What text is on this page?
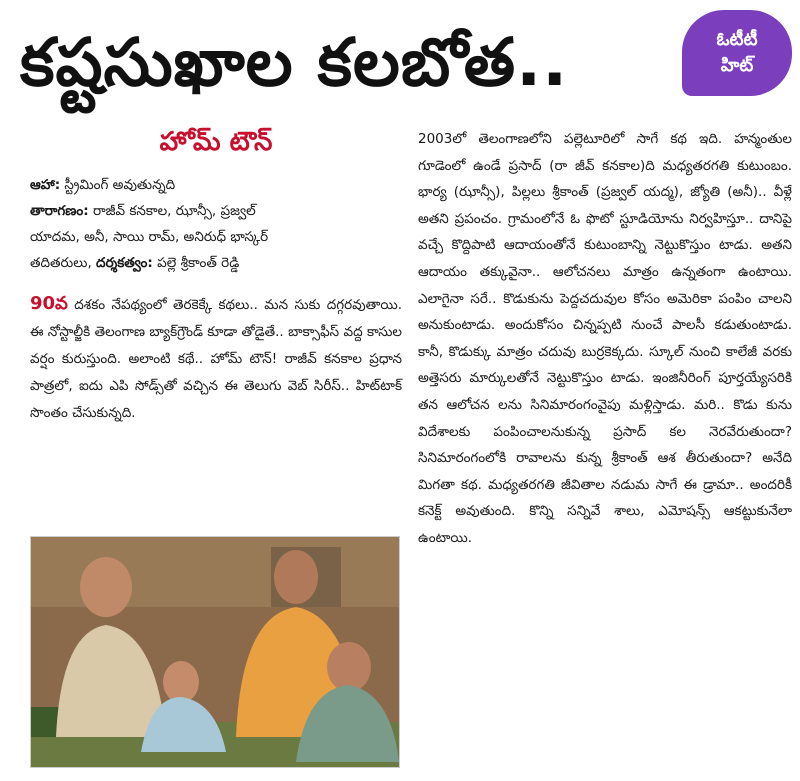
కష్టసుఖాల కలబోత..	ఓటీటీ
హిట్
హోమ్ టౌన్
ఆహా: స్ట్రీమింగ్ అవుతున్నది
తారాగణం: రాజీవ్ కనకాల, ఝాన్సీ, ప్రజ్వల్
యాదమ, అనీ, సాయి రామ్, అనిరుధ్ భాస్కర్
తదితరులు, దర్శకత్వం: పల్లె శ్రీకాంత్ రెడ్డి
90వ దశకం నేపథ్యంలో తెరకెక్కే కథలు.. మన సుకు దగ్గరవుతాయి. ఈ నోస్టాల్జీకి తెలంగాణ బ్యాక్‌గ్రౌండ్ కూడా తోడైతే.. బాక్సాఫీస్ వద్ద కాసుల వర్షం కురుస్తుంది. అలాంటి కథే.. హోమ్ టౌన్! రాజీవ్ కనకాల ప్రధాన పాత్రలో, ఐదు ఎపి సోడ్స్‌తో వచ్చిన ఈ తెలుగు వెబ్ సిరీస్.. హిట్‌టాక్ సొంతం చేసుకున్నది.
2003లో తెలంగాణలోని పల్లెటూరిలో సాగే కథ ఇది. హన్మంతుల గూడెంలో ఉండే ప్రసాద్ (రా జీవ్ కనకాల)ది మధ్యతరగతి కుటుంబం. భార్య (ఝాన్సీ), పిల్లలు శ్రీకాంత్ (ప్రజ్వల్ యద్మ), జ్యోతి (అనీ).. వీళ్లే అతని ప్రపంచం. గ్రామంలోనే ఓ ఫొటో స్టూడియోను నిర్వహిస్తూ.. దానిపై వచ్చే కొద్దిపాటి ఆదాయంతోనే కుటుంబాన్ని నెట్టుకొస్తుం టాడు. అతని ఆదాయం తక్కువైనా.. ఆలోచనలు మాత్రం ఉన్నతంగా ఉంటాయి. ఎలాగైనా సరే.. కొడుకును పెద్దచదువుల కోసం అమెరికా పంపిం చాలని అనుకుంటాడు. అందుకోసం చిన్నప్పటి నుంచే పాలసీ కడుతుంటాడు. కానీ, కొడుక్కు మాత్రం చదువు బుర్రకెక్కదు. స్కూల్ నుంచి కాలేజీ వరకు అత్తెసరు మార్కులతోనే నెట్టుకొస్తుం టాడు. ఇంజినీరింగ్ పూర్తయ్యేసరికి తన ఆలోచన లను సినిమారంగంవైపు మళ్లిస్తాడు. మరి.. కొడు కును విదేశాలకు పంపించాలనుకున్న ప్రసాద్ కల నెరవేరుతుందా? సినిమారంగంలోకి రావాలను కున్న శ్రీకాంత్ ఆశ తీరుతుందా? అనేది మిగతా కథ. మధ్యతరగతి జీవితాల నడుమ సాగే ఈ డ్రామా.. అందరికీ కనెక్ట్ అవుతుంది. కొన్ని సన్నివే శాలు, ఎమోషన్స్ ఆకట్టుకునేలా ఉంటాయి.
